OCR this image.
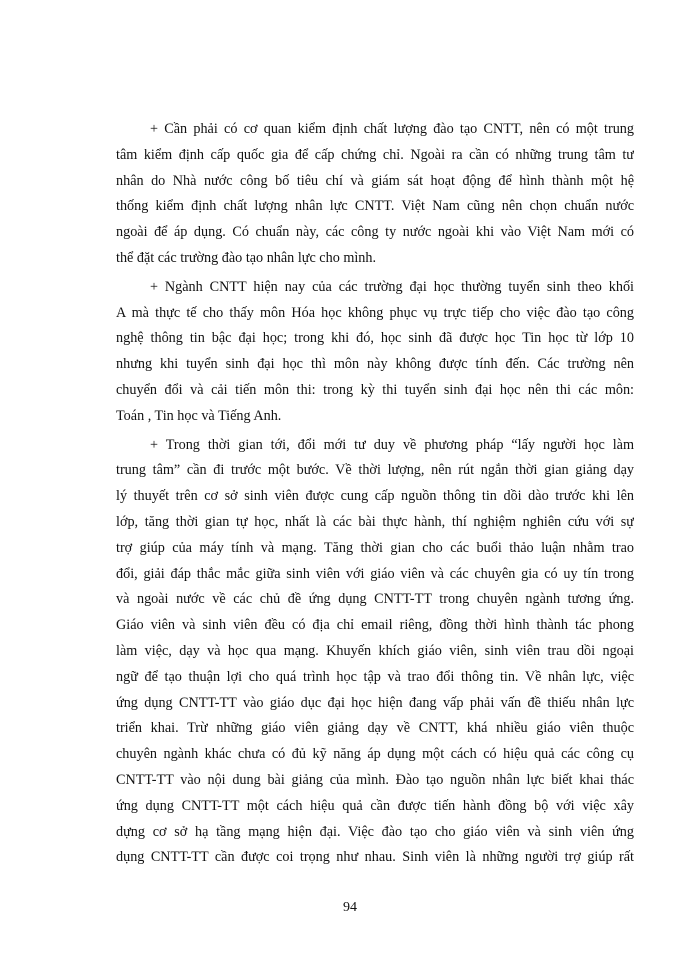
+ Cần phải có cơ quan kiểm định chất lượng đào tạo CNTT, nên có một trung
tâm kiểm định cấp quốc gia để cấp chứng chỉ. Ngoài ra cần có những trung tâm tư
nhân do Nhà nước công bố tiêu chí và giám sát hoạt động để hình thành một hệ
thống kiểm định chất lượng nhân lực CNTT. Việt Nam cũng nên chọn chuẩn nước
ngoài để áp dụng. Có chuẩn này, các công ty nước ngoài khi vào Việt Nam mới có
thể đặt các trường đào tạo nhân lực cho mình.

+ Ngành CNTT hiện nay của các trường đại học thường tuyển sinh theo khối
A mà thực tế cho thấy môn Hóa học không phục vụ trực tiếp cho việc đào tạo công
nghệ thông tin bậc đại học; trong khi đó, học sinh đã được học Tin học từ lớp 10
nhưng khi tuyển sinh đại học thì môn này không được tính đến. Các trường nên
chuyển đổi và cải tiến môn thi: trong kỳ thi tuyển sinh đại học nên thi các môn:
Toán , Tin học và Tiếng Anh.

+ Trong thời gian tới, đổi mới tư duy về phương pháp “lấy người học làm
trung tâm” cần đi trước một bước. Về thời lượng, nên rút ngắn thời gian giảng dạy
lý thuyết trên cơ sở sinh viên được cung cấp nguồn thông tin dồi dào trước khi lên
lớp, tăng thời gian tự học, nhất là các bài thực hành, thí nghiệm nghiên cứu với sự
trợ giúp của máy tính và mạng. Tăng thời gian cho các buổi thảo luận nhằm trao
đổi, giải đáp thắc mắc giữa sinh viên với giáo viên và các chuyên gia có uy tín trong
và ngoài nước về các chủ đề ứng dụng CNTT-TT trong chuyên ngành tương ứng.
Giáo viên và sinh viên đều có địa chỉ email riêng, đồng thời hình thành tác phong
làm việc, dạy và học qua mạng. Khuyến khích giáo viên, sinh viên trau dồi ngoại
ngữ để tạo thuận lợi cho quá trình học tập và trao đổi thông tin. Về nhân lực, việc
ứng dụng CNTT-TT vào giáo dục đại học hiện đang vấp phải vấn đề thiếu nhân lực
triển khai. Trừ những giáo viên giảng dạy về CNTT, khá nhiều giáo viên thuộc
chuyên ngành khác chưa có đủ kỹ năng áp dụng một cách có hiệu quả các công cụ
CNTT-TT vào nội dung bài giảng của mình. Đào tạo nguồn nhân lực biết khai thác
ứng dụng CNTT-TT một cách hiệu quả cần được tiến hành đồng bộ với việc xây
dựng cơ sở hạ tầng mạng hiện đại. Việc đào tạo cho giáo viên và sinh viên ứng
dụng CNTT-TT cần được coi trọng như nhau. Sinh viên là những người trợ giúp rất

94
